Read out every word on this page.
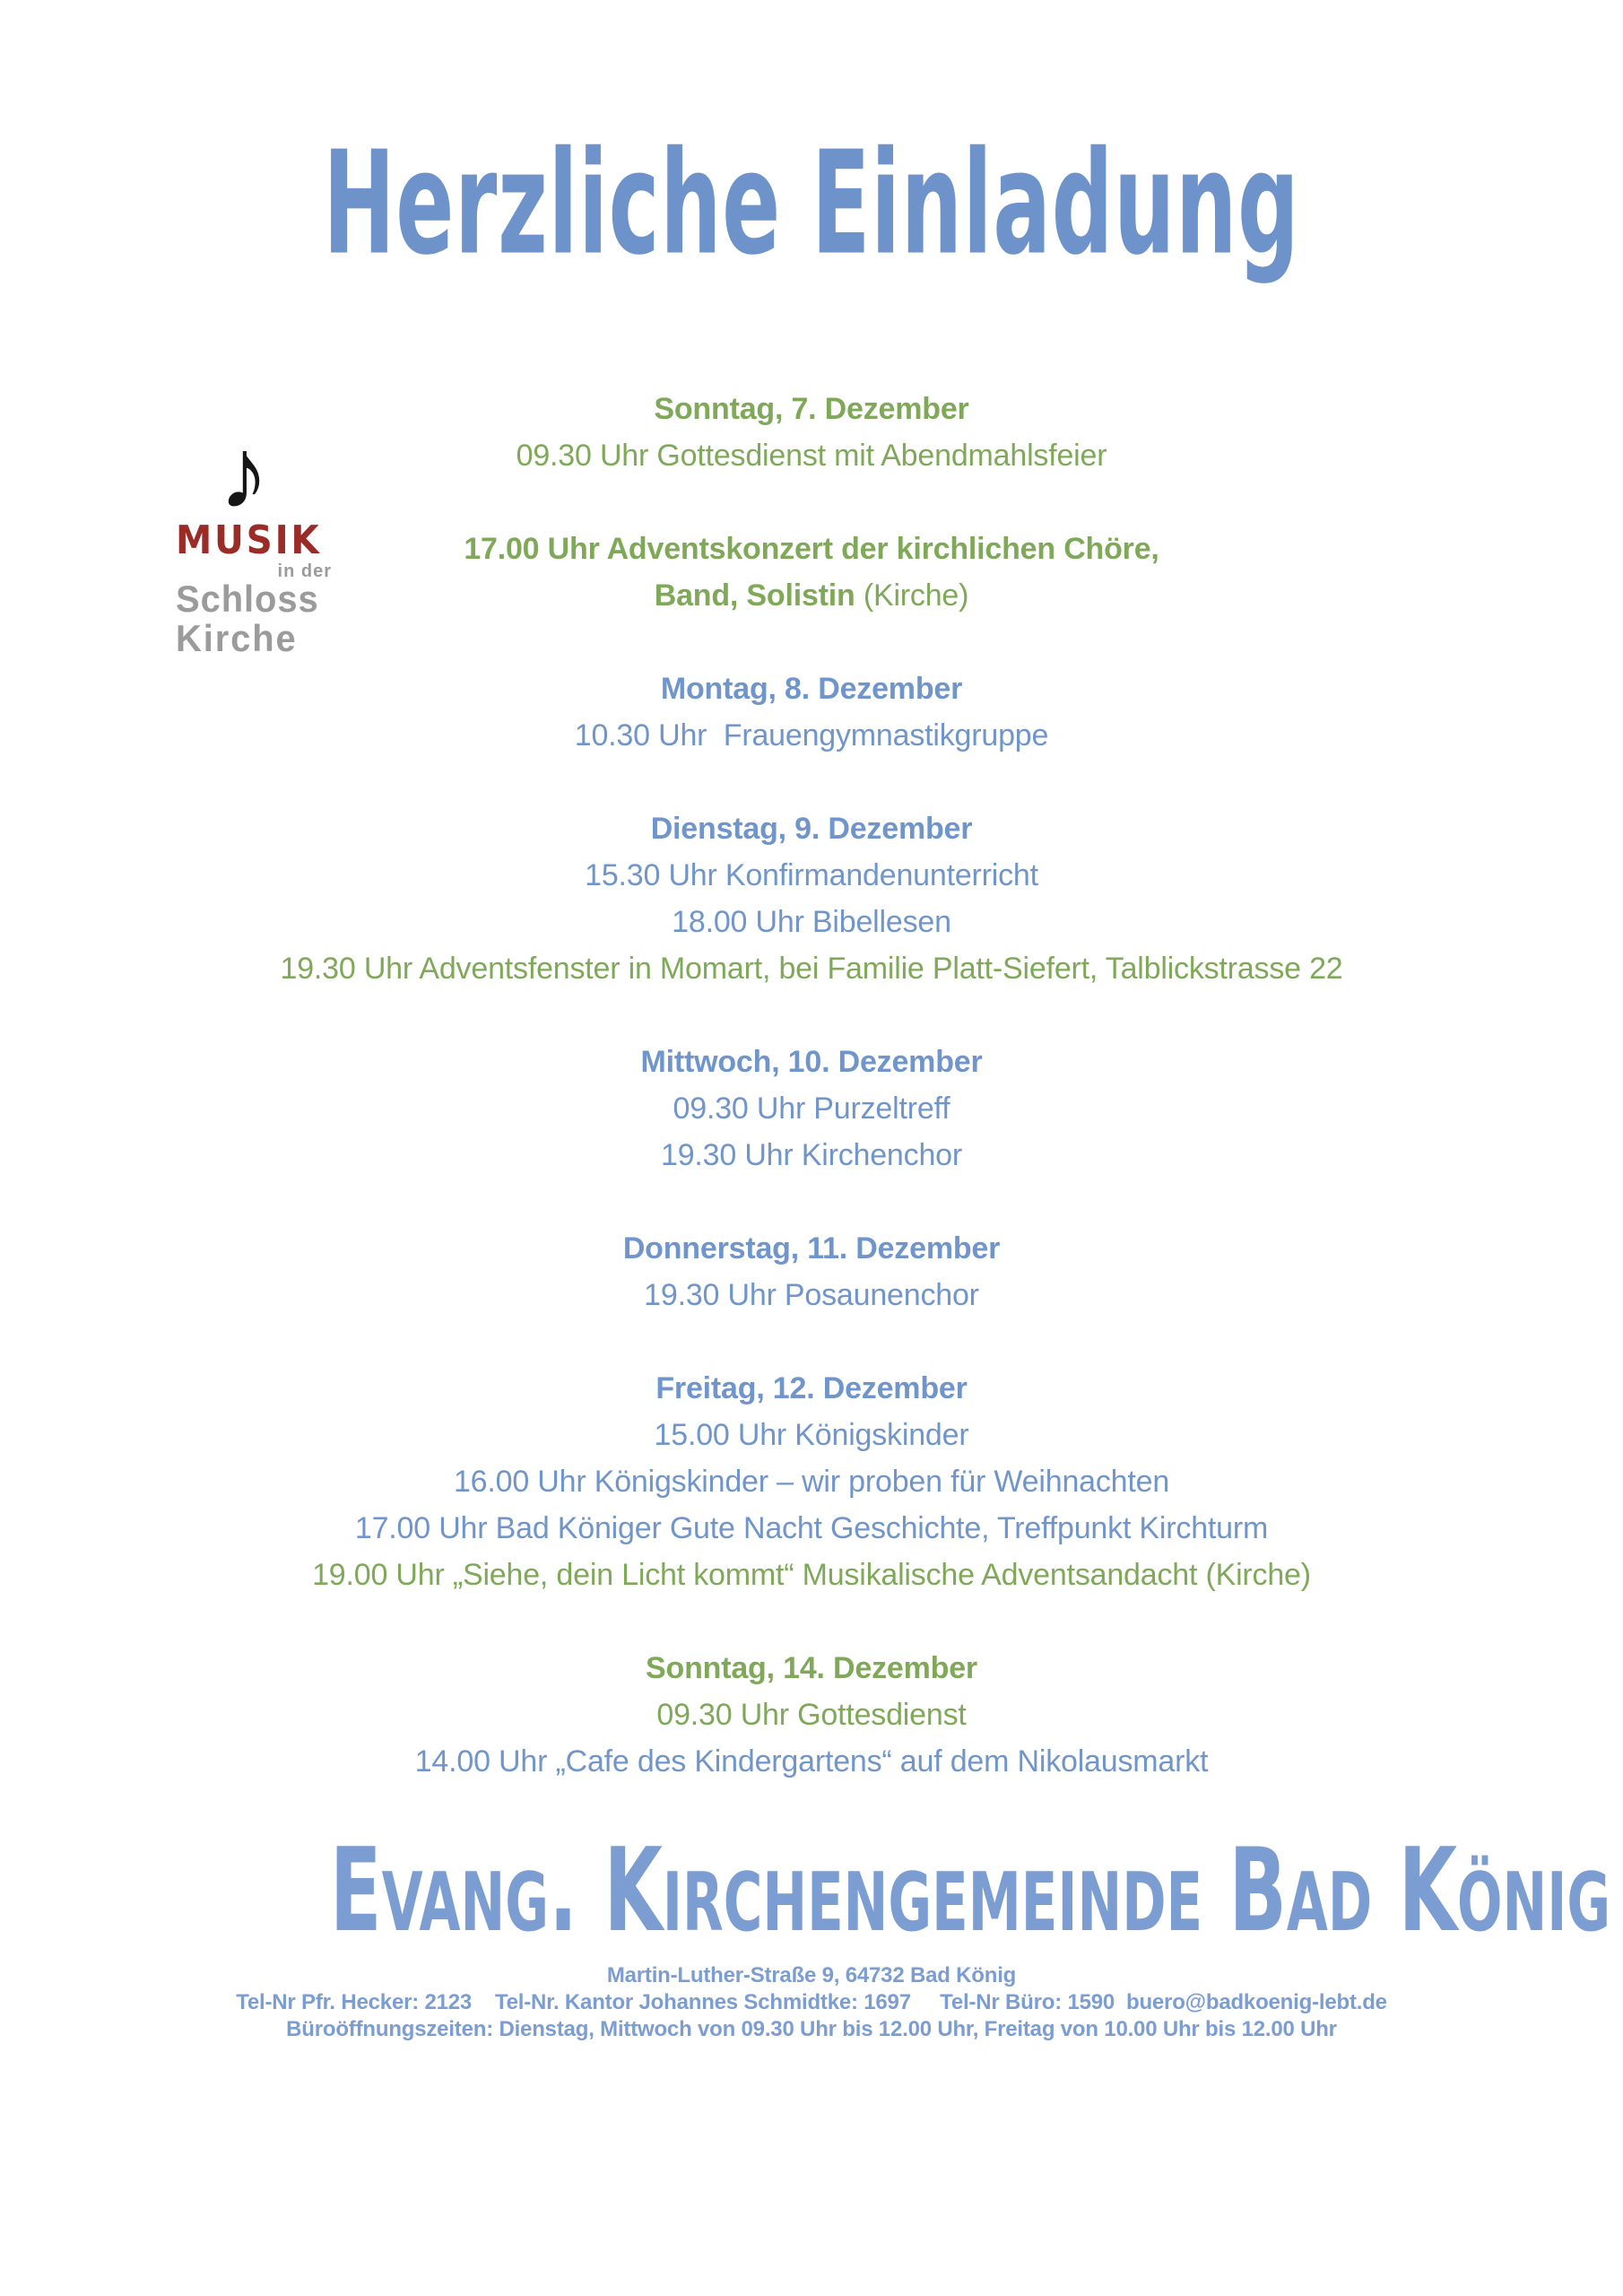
Herzliche Einladung
♪
MUSIK
in der
Schloss
Kirche
Sonntag, 7. Dezember
09.30 Uhr Gottesdienst mit Abendmahlsfeier
17.00 Uhr Adventskonzert der kirchlichen Chöre,
Band, Solistin (Kirche)
Montag, 8. Dezember
10.30 Uhr  Frauengymnastikgruppe
Dienstag, 9. Dezember
15.30 Uhr Konfirmandenunterricht
18.00 Uhr Bibellesen
19.30 Uhr Adventsfenster in Momart, bei Familie Platt-Siefert, Talblickstrasse 22
Mittwoch, 10. Dezember
09.30 Uhr Purzeltreff
19.30 Uhr Kirchenchor
Donnerstag, 11. Dezember
19.30 Uhr Posaunenchor
Freitag, 12. Dezember
15.00 Uhr Königskinder
16.00 Uhr Königskinder – wir proben für Weihnachten
17.00 Uhr Bad Königer Gute Nacht Geschichte, Treffpunkt Kirchturm
19.00 Uhr „Siehe, dein Licht kommt“ Musikalische Adventsandacht (Kirche)
Sonntag, 14. Dezember
09.30 Uhr Gottesdienst
14.00 Uhr „Cafe des Kindergartens“ auf dem Nikolausmarkt
Evang. Kirchengemeinde Bad König
Martin-Luther-Straße 9, 64732 Bad König
Tel-Nr Pfr. Hecker: 2123    Tel-Nr. Kantor Johannes Schmidtke: 1697     Tel-Nr Büro: 1590  buero@badkoenig-lebt.de
Büroöffnungszeiten: Dienstag, Mittwoch von 09.30 Uhr bis 12.00 Uhr, Freitag von 10.00 Uhr bis 12.00 Uhr
